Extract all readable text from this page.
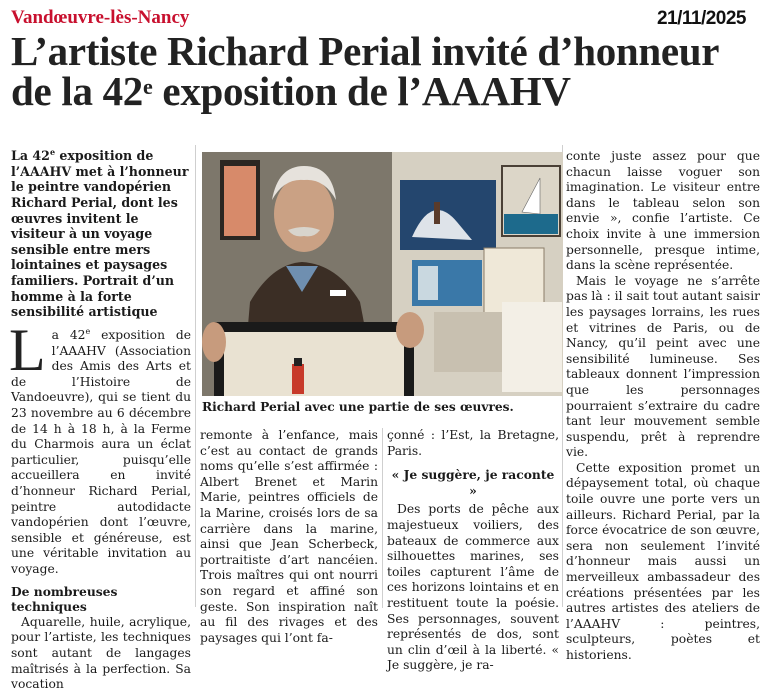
Vandœuvre-lès-Nancy	21/11/2025
L’artiste Richard Perial invité d’honneur
de la 42e exposition de l’AAAHV
La 42e exposition de l’AAAHV met à l’honneur le peintre vandopérien Richard Perial, dont les œuvres invitent le visiteur à un voyage sensible entre mers lointaines et paysages familiers. Portrait d’un homme à la forte sensibilité artistique

La 42e exposition de l’AAAHV (Association des Amis des Arts et de l’Histoire de Vandoeuvre), qui se tient du 23 novembre au 6 décembre de 14 h à 18 h, à la Ferme du Charmois aura un éclat particulier, puisqu’elle accueillera en invité d’honneur Richard Perial, peintre autodidacte vandopérien dont l’œuvre, sensible et généreuse, est une véritable invitation au voyage.

De nombreuses techniques

Aquarelle, huile, acrylique, pour l’artiste, les techniques sont autant de langages maîtrisés à la perfection. Sa vocation

Richard Perial avec une partie de ses œuvres.

remonte à l’enfance, mais c’est au contact de grands noms qu’elle s’est affirmée : Albert Brenet et Marin Marie, peintres officiels de la Marine, croisés lors de sa carrière dans la marine, ainsi que Jean Scherbeck, portraitiste d’art nancéien. Trois maîtres qui ont nourri son regard et affiné son geste. Son inspiration naît au fil des rivages et des paysages qui l’ont fa-

çonné : l’Est, la Bretagne, Paris.

« Je suggère, je raconte »

Des ports de pêche aux majestueux voiliers, des bateaux de commerce aux silhouettes marines, ses toiles capturent l’âme de ces horizons lointains et en restituent toute la poésie. Ses personnages, souvent représentés de dos, sont un clin d’œil à la liberté. « Je suggère, je ra-

conte juste assez pour que chacun laisse voguer son imagination. Le visiteur entre dans le tableau selon son envie », confie l’artiste. Ce choix invite à une immersion personnelle, presque intime, dans la scène représentée.

Mais le voyage ne s’arrête pas là : il sait tout autant saisir les paysages lorrains, les rues et vitrines de Paris, ou de Nancy, qu’il peint avec une sensibilité lumineuse. Ses tableaux donnent l’impression que les personnages pourraient s’extraire du cadre tant leur mouvement semble suspendu, prêt à reprendre vie.

Cette exposition promet un dépaysement total, où chaque toile ouvre une porte vers un ailleurs. Richard Perial, par la force évocatrice de son œuvre, sera non seulement l’invité d’honneur mais aussi un merveilleux ambassadeur des créations présentées par les autres artistes des ateliers de l’AAAHV : peintres, sculpteurs, poètes et historiens.
